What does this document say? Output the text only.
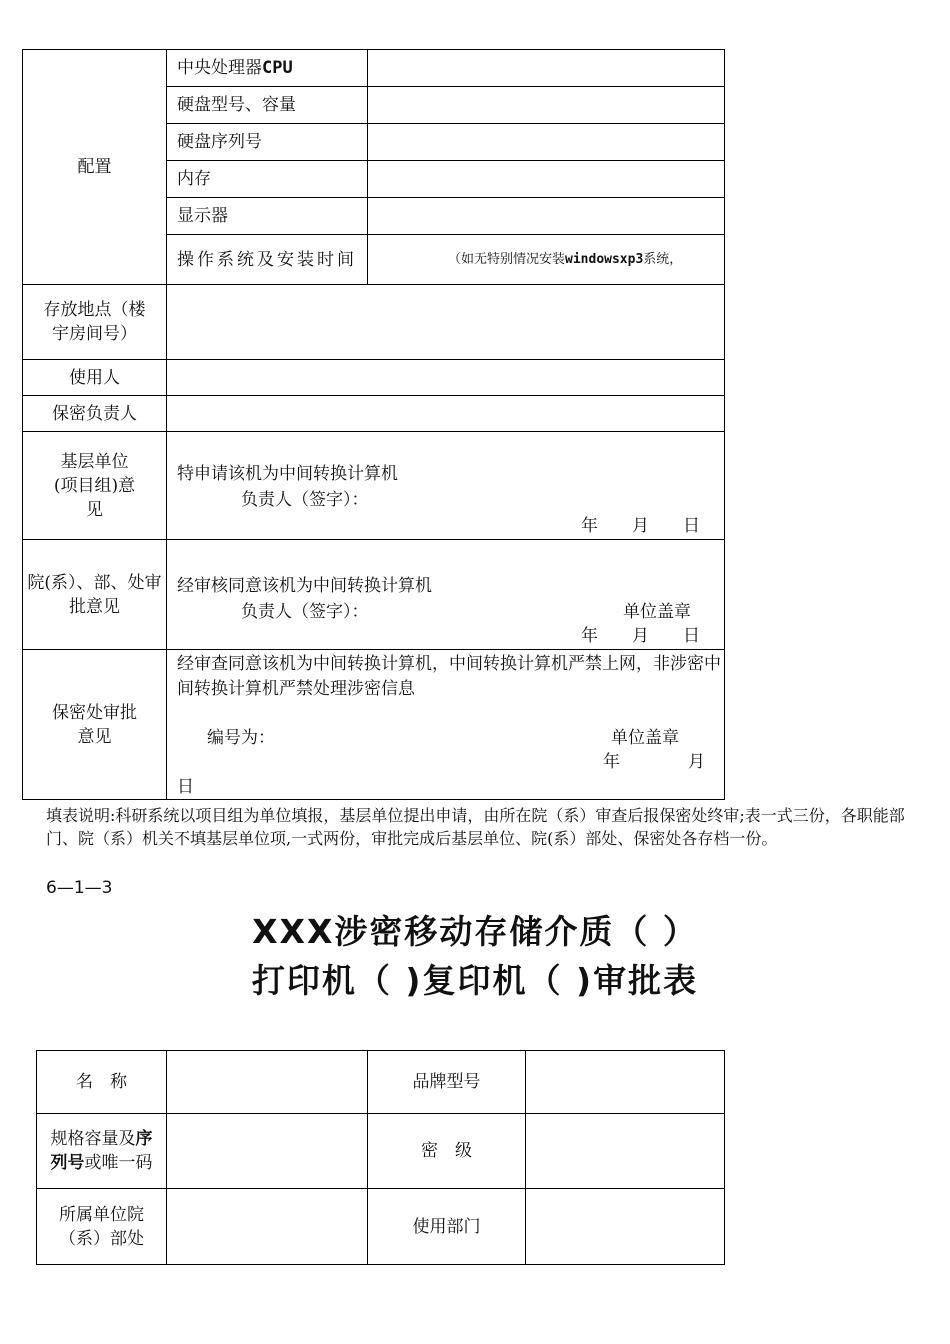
配置	中央处理器CPU	
	硬盘型号、容量	
	硬盘序列号	
	内存	
	显示器	
	操作系统及安装时间	（如无特别情况安装windowsxp3系统，
存放地点（楼宇房间号）		
使用人		
保密负责人		
基层单位(项目组)意见	特申请该机为中间转换计算机
负责人（签字）：
年　　月　　日	

院(系）、部、处审批意见	经审核同意该机为中间转换计算机
负责人（签字）： 单位盖章
年　　月　　日	

保密处审批意见	经审查同意该机为中间转换计算机，中间转换计算机严禁上网，非涉密中间转换计算机严禁处理涉密信息
编号为： 单位盖章
年　　　　月
日	
填表说明:科研系统以项目组为单位填报，基层单位提出申请，由所在院（系）审查后报保密处终审;表一式三份，各职能部门、院（系）机关不填基层单位项,一式两份，审批完成后基层单位、院(系）部处、保密处各存档一份。
6—1—3
XXX涉密移动存储介质（ ）
打印机（ )复印机（ )审批表
名　称		品牌型号	
规格容量及序列号或唯一码		密　级	
所属单位院（系）部处		使用部门	
